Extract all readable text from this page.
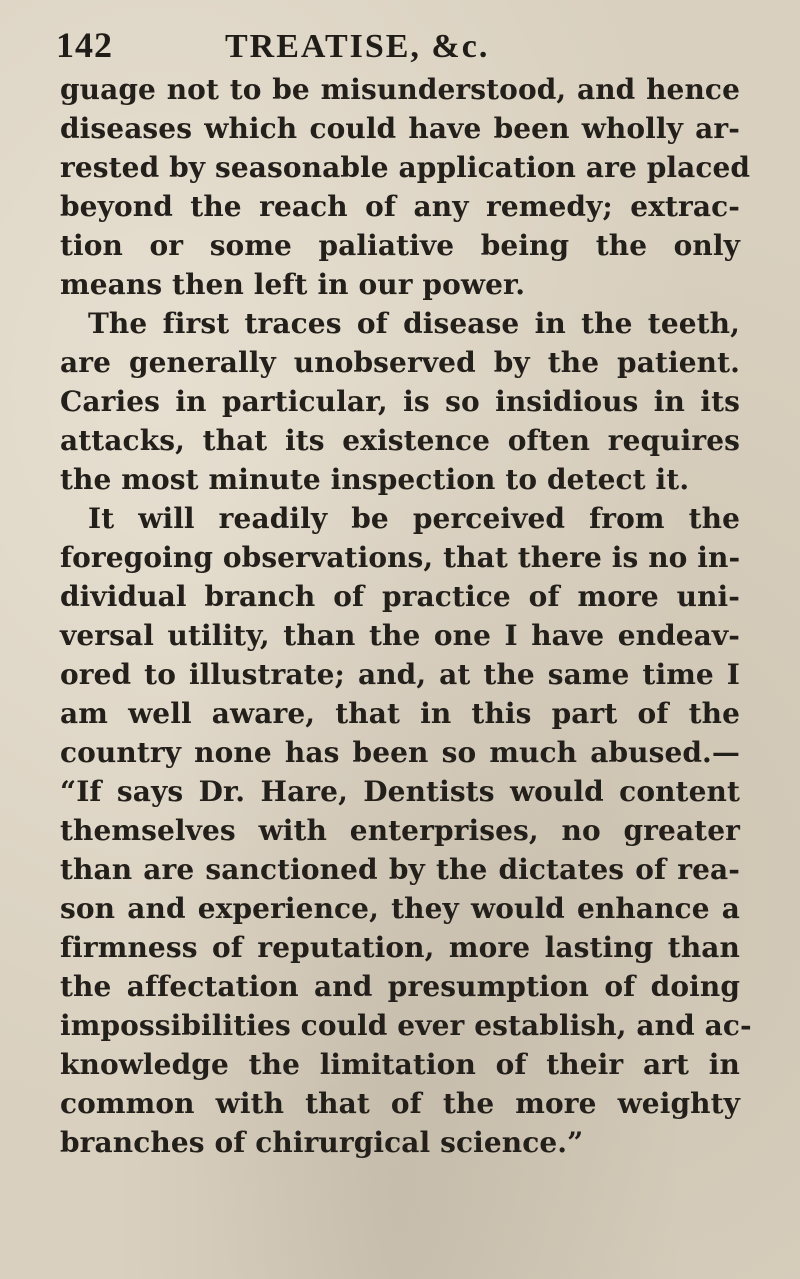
142	TREATISE, &c.
guage not to be misunderstood, and hence
diseases which could have been wholly ar-
rested by seasonable application are placed
beyond the reach of any remedy; extrac-
tion or some paliative being the only
means then left in our power.
The first traces of disease in the teeth,
are generally unobserved by the patient.
Caries in particular, is so insidious in its
attacks, that its existence often requires
the most minute inspection to detect it.
It will readily be perceived from the
foregoing observations, that there is no in-
dividual branch of practice of more uni-
versal utility, than the one I have endeav-
ored to illustrate; and, at the same time I
am well aware, that in this part of the
country none has been so much abused.—
“If says Dr. Hare, Dentists would content
themselves with enterprises, no greater
than are sanctioned by the dictates of rea-
son and experience, they would enhance a
firmness of reputation, more lasting than
the affectation and presumption of doing
impossibilities could ever establish, and ac-
knowledge the limitation of their art in
common with that of the more weighty
branches of chirurgical science.”
